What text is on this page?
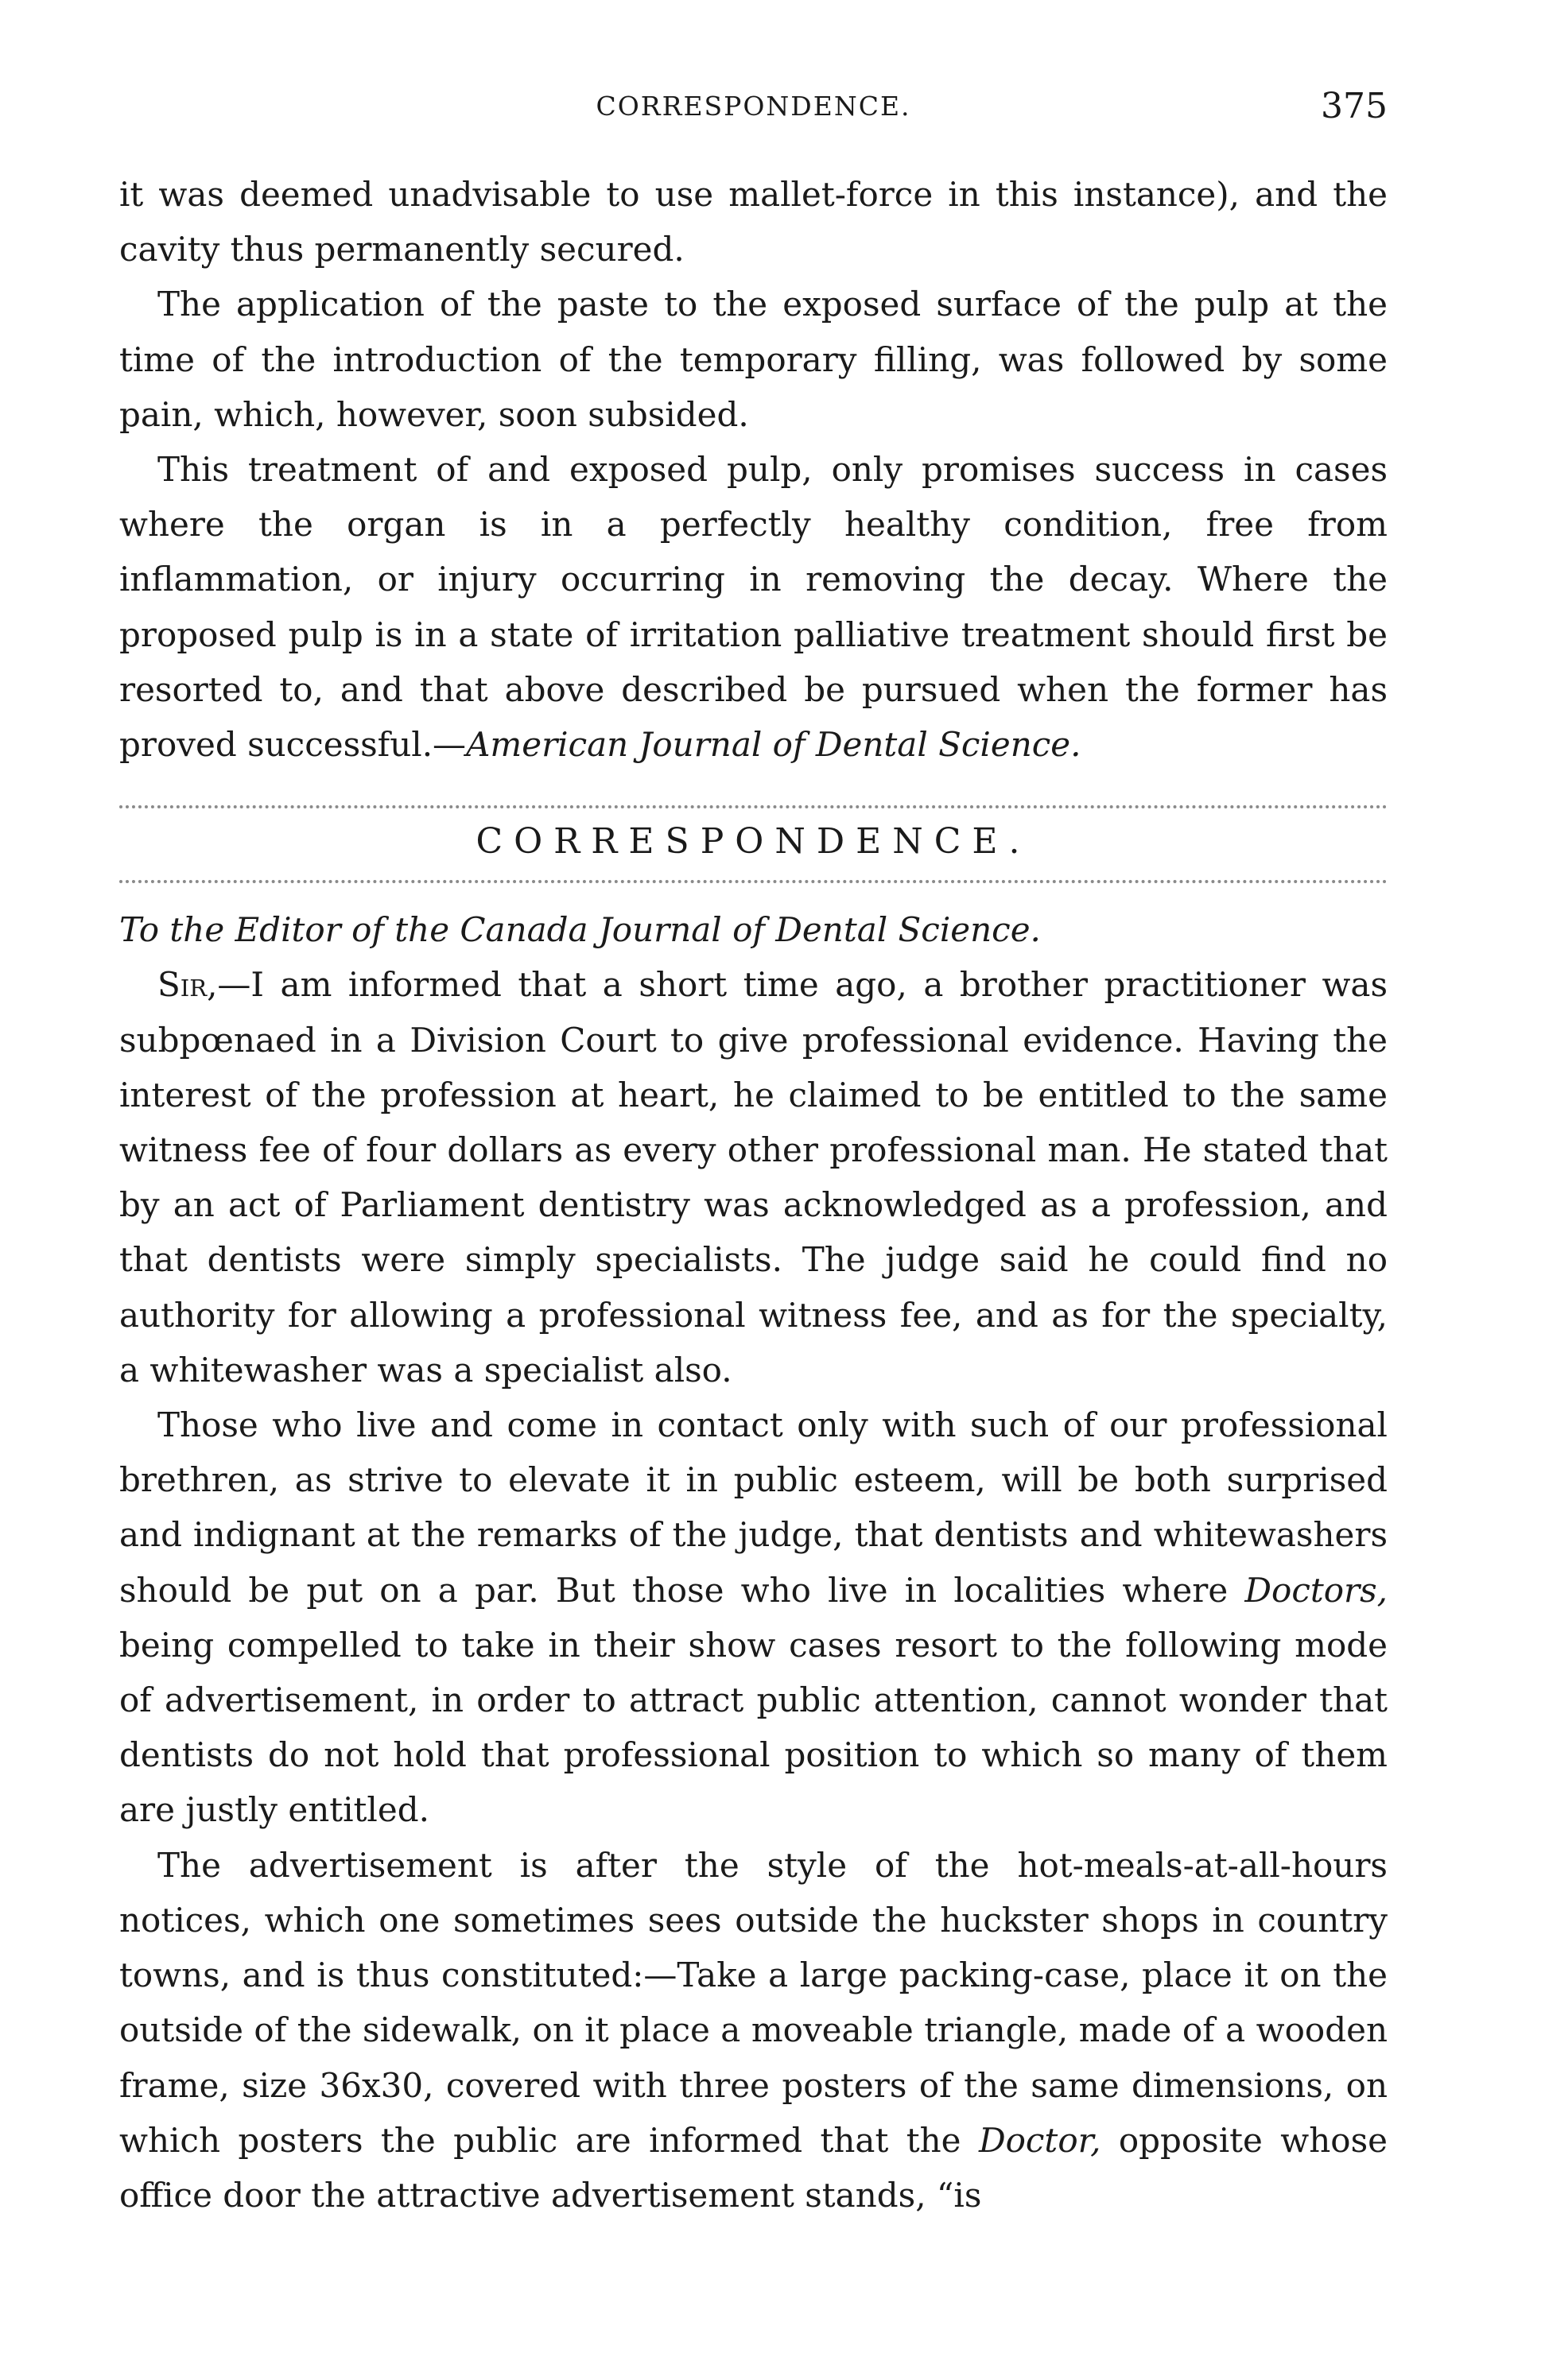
CORRESPONDENCE.	375

it was deemed unadvisable to use mallet-force in this instance), and the cavity thus permanently secured.

The application of the paste to the exposed surface of the pulp at the time of the introduction of the temporary filling, was followed by some pain, which, however, soon subsided.

This treatment of and exposed pulp, only promises success in cases where the organ is in a perfectly healthy condition, free from inflammation, or injury occurring in removing the decay. Where the proposed pulp is in a state of irritation palliative treatment should first be resorted to, and that above described be pursued when the former has proved successful.—American Journal of Dental Science.

CORRESPONDENCE.

To the Editor of the Canada Journal of Dental Science.

Sir,—I am informed that a short time ago, a brother practitioner was subpœnaed in a Division Court to give professional evidence. Having the interest of the profession at heart, he claimed to be entitled to the same witness fee of four dollars as every other professional man. He stated that by an act of Parliament dentistry was acknowledged as a profession, and that dentists were simply specialists. The judge said he could find no authority for allowing a professional witness fee, and as for the specialty, a whitewasher was a specialist also.

Those who live and come in contact only with such of our professional brethren, as strive to elevate it in public esteem, will be both surprised and indignant at the remarks of the judge, that dentists and whitewashers should be put on a par. But those who live in localities where Doctors, being compelled to take in their show cases resort to the following mode of advertisement, in order to attract public attention, cannot wonder that dentists do not hold that professional position to which so many of them are justly entitled.

The advertisement is after the style of the hot-meals-at-all-hours notices, which one sometimes sees outside the huckster shops in country towns, and is thus constituted:—Take a large packing-case, place it on the outside of the sidewalk, on it place a moveable triangle, made of a wooden frame, size 36x30, covered with three posters of the same dimensions, on which posters the public are informed that the Doctor, opposite whose office door the attractive advertisement stands, “is
